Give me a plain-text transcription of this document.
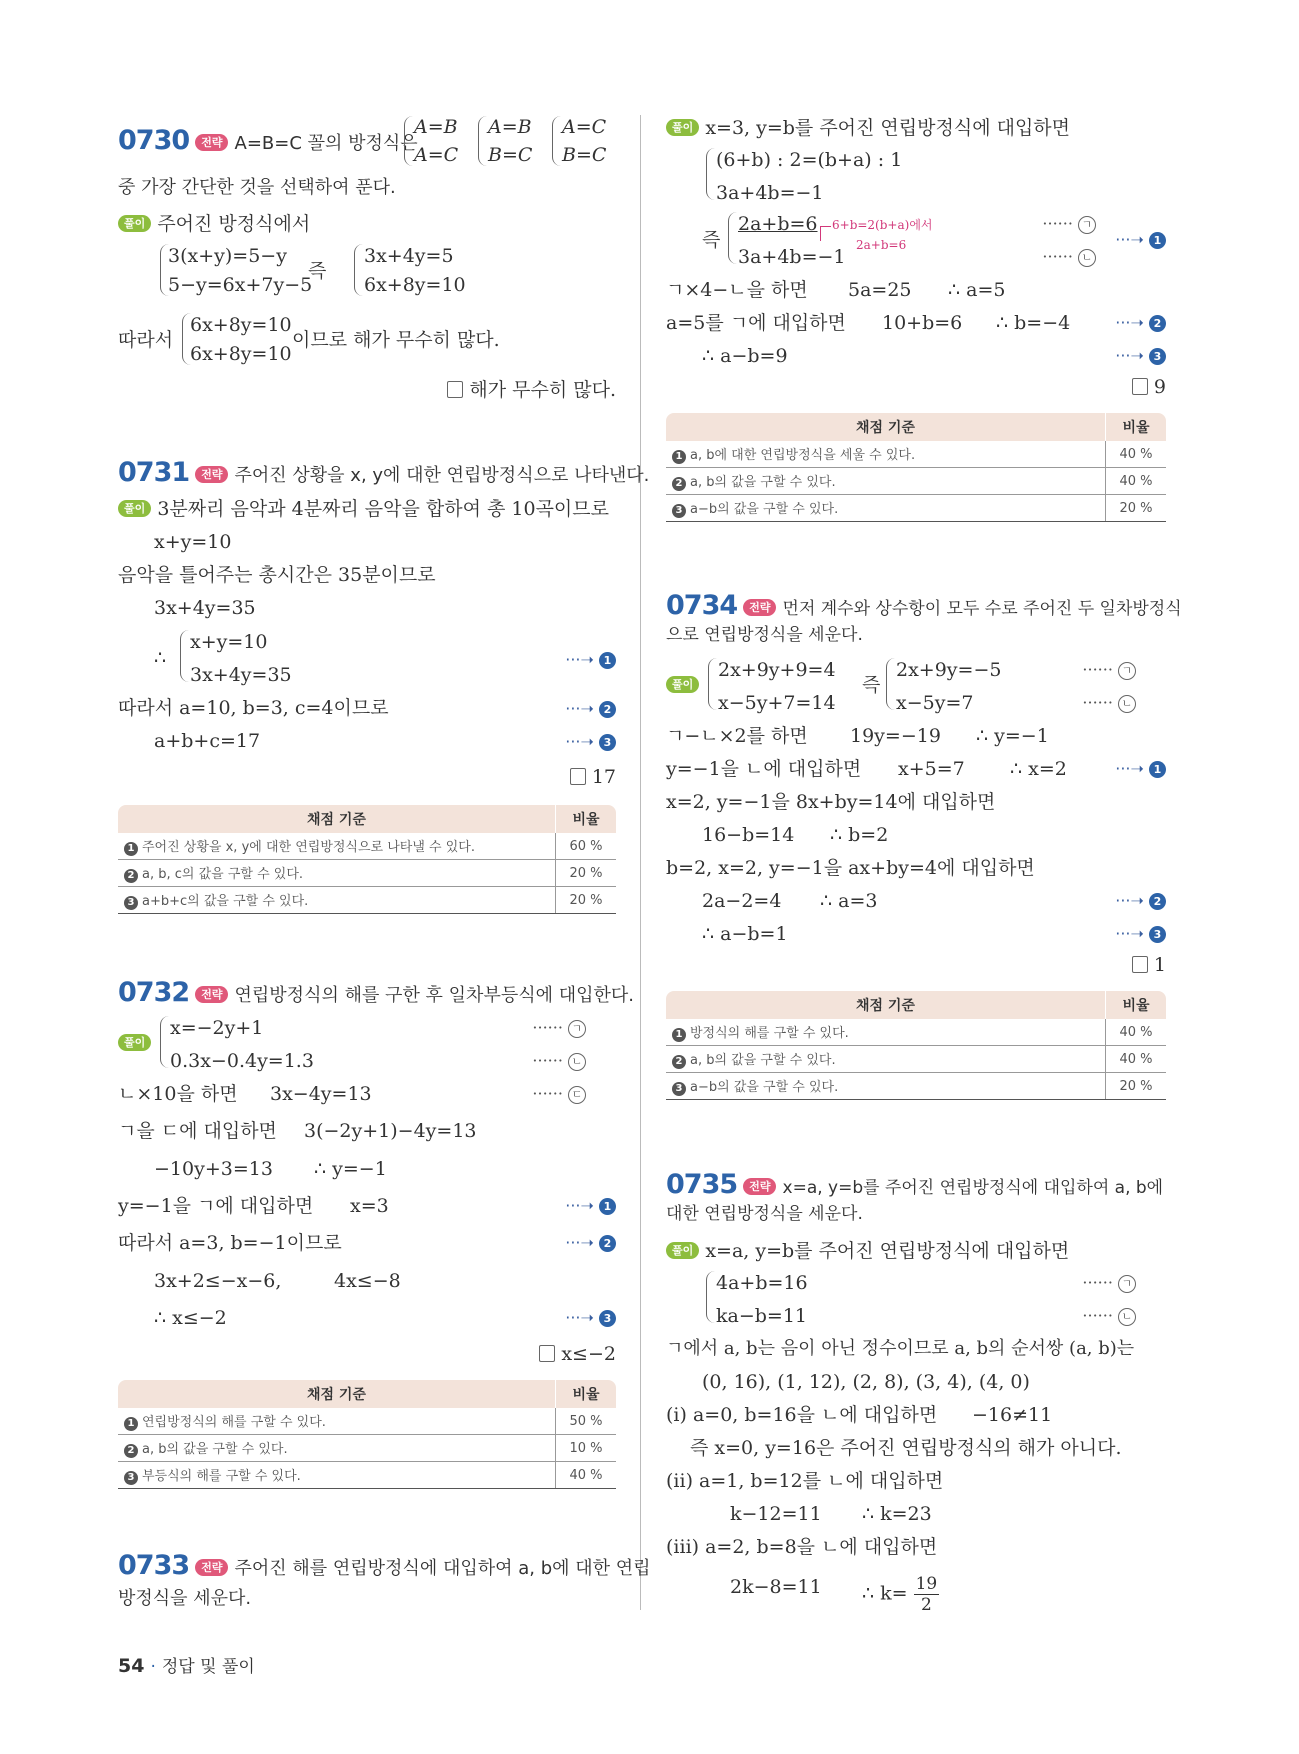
0730 전략 A=B=C 꼴의 방정식은
A=B
A=C
A=B
B=C
A=C
B=C
중 가장 간단한 것을 선택하여 푼다.
풀이 주어진 방정식에서
3(x+y)=5−y
5−y=6x+7y−5
즉
3x+4y=5
6x+8y=10
따라서
6x+8y=10
6x+8y=10
이므로 해가 무수히 많다.
해가 무수히 많다.
0731 전략 주어진 상황을 x, y에 대한 연립방정식으로 나타낸다.
풀이 3분짜리 음악과 4분짜리 음악을 합하여 총 10곡이므로
x+y=10
음악을 틀어주는 총시간은 35분이므로
3x+4y=35
∴
x+y=10
3x+4y=35
···➝ 1
따라서 a=10, b=3, c=4이므로	···➝ 2
a+b+c=17	···➝ 3
17
채점 기준	비율
1 주어진 상황을 x, y에 대한 연립방정식으로 나타낼 수 있다.	60 %
2 a, b, c의 값을 구할 수 있다.	20 %
3 a+b+c의 값을 구할 수 있다.	20 %
0732 전략 연립방정식의 해를 구한 후 일차부등식에 대입한다.
풀이
x=−2y+1	······ ㄱ
0.3x−0.4y=1.3	······ ㄴ
ㄴ×10을 하면 3x−4y=13	······ ㄷ
ㄱ을 ㄷ에 대입하면 3(−2y+1)−4y=13
−10y+3=13 ∴ y=−1
y=−1을 ㄱ에 대입하면 x=3	···➝ 1
따라서 a=3, b=−1이므로	···➝ 2
3x+2≤−x−6,	4x≤−8
∴ x≤−2	···➝ 3
x≤−2
채점 기준	비율
1 연립방정식의 해를 구할 수 있다.	50 %
2 a, b의 값을 구할 수 있다.	10 %
3 부등식의 해를 구할 수 있다.	40 %
0733 전략 주어진 해를 연립방정식에 대입하여 a, b에 대한 연립
방정식을 세운다.
풀이 x=3, y=b를 주어진 연립방정식에 대입하면
(6+b) : 2=(b+a) : 1
3a+4b=−1
즉
2a+b=6
3a+4b=−1
6+b=2(b+a)에서
2a+b=6
······ ㄱ
······ ㄴ
···➝ 1
ㄱ×4−ㄴ을 하면 5a=25 ∴ a=5
a=5를 ㄱ에 대입하면 10+b=6 ∴ b=−4	···➝ 2
∴ a−b=9	···➝ 3
9
채점 기준	비율
1 a, b에 대한 연립방정식을 세울 수 있다.	40 %
2 a, b의 값을 구할 수 있다.	40 %
3 a−b의 값을 구할 수 있다.	20 %
0734 전략 먼저 계수와 상수항이 모두 수로 주어진 두 일차방정식
으로 연립방정식을 세운다.
풀이
2x+9y+9=4
x−5y+7=14
즉
2x+9y=−5
x−5y=7
······ ㄱ
······ ㄴ
ㄱ−ㄴ×2를 하면 19y=−19 ∴ y=−1
y=−1을 ㄴ에 대입하면 x+5=7 ∴ x=2	···➝ 1
x=2, y=−1을 8x+by=14에 대입하면
16−b=14 ∴ b=2
b=2, x=2, y=−1을 ax+by=4에 대입하면
2a−2=4 ∴ a=3	···➝ 2
∴ a−b=1	···➝ 3
1
채점 기준	비율
1 방정식의 해를 구할 수 있다.	40 %
2 a, b의 값을 구할 수 있다.	40 %
3 a−b의 값을 구할 수 있다.	20 %
0735 전략 x=a, y=b를 주어진 연립방정식에 대입하여 a, b에
대한 연립방정식을 세운다.
풀이 x=a, y=b를 주어진 연립방정식에 대입하면
4a+b=16
ka−b=11
······ ㄱ
······ ㄴ
ㄱ에서 a, b는 음이 아닌 정수이므로 a, b의 순서쌍 (a, b)는
(0, 16), (1, 12), (2, 8), (3, 4), (4, 0)
(i) a=0, b=16을 ㄴ에 대입하면 −16≠11
즉 x=0, y=16은 주어진 연립방정식의 해가 아니다.
(ii) a=1, b=12를 ㄴ에 대입하면
k−12=11 ∴ k=23
(iii) a=2, b=8을 ㄴ에 대입하면
2k−8=11 ∴ $k= \frac{19}{2}$
54 · 정답 및 풀이
